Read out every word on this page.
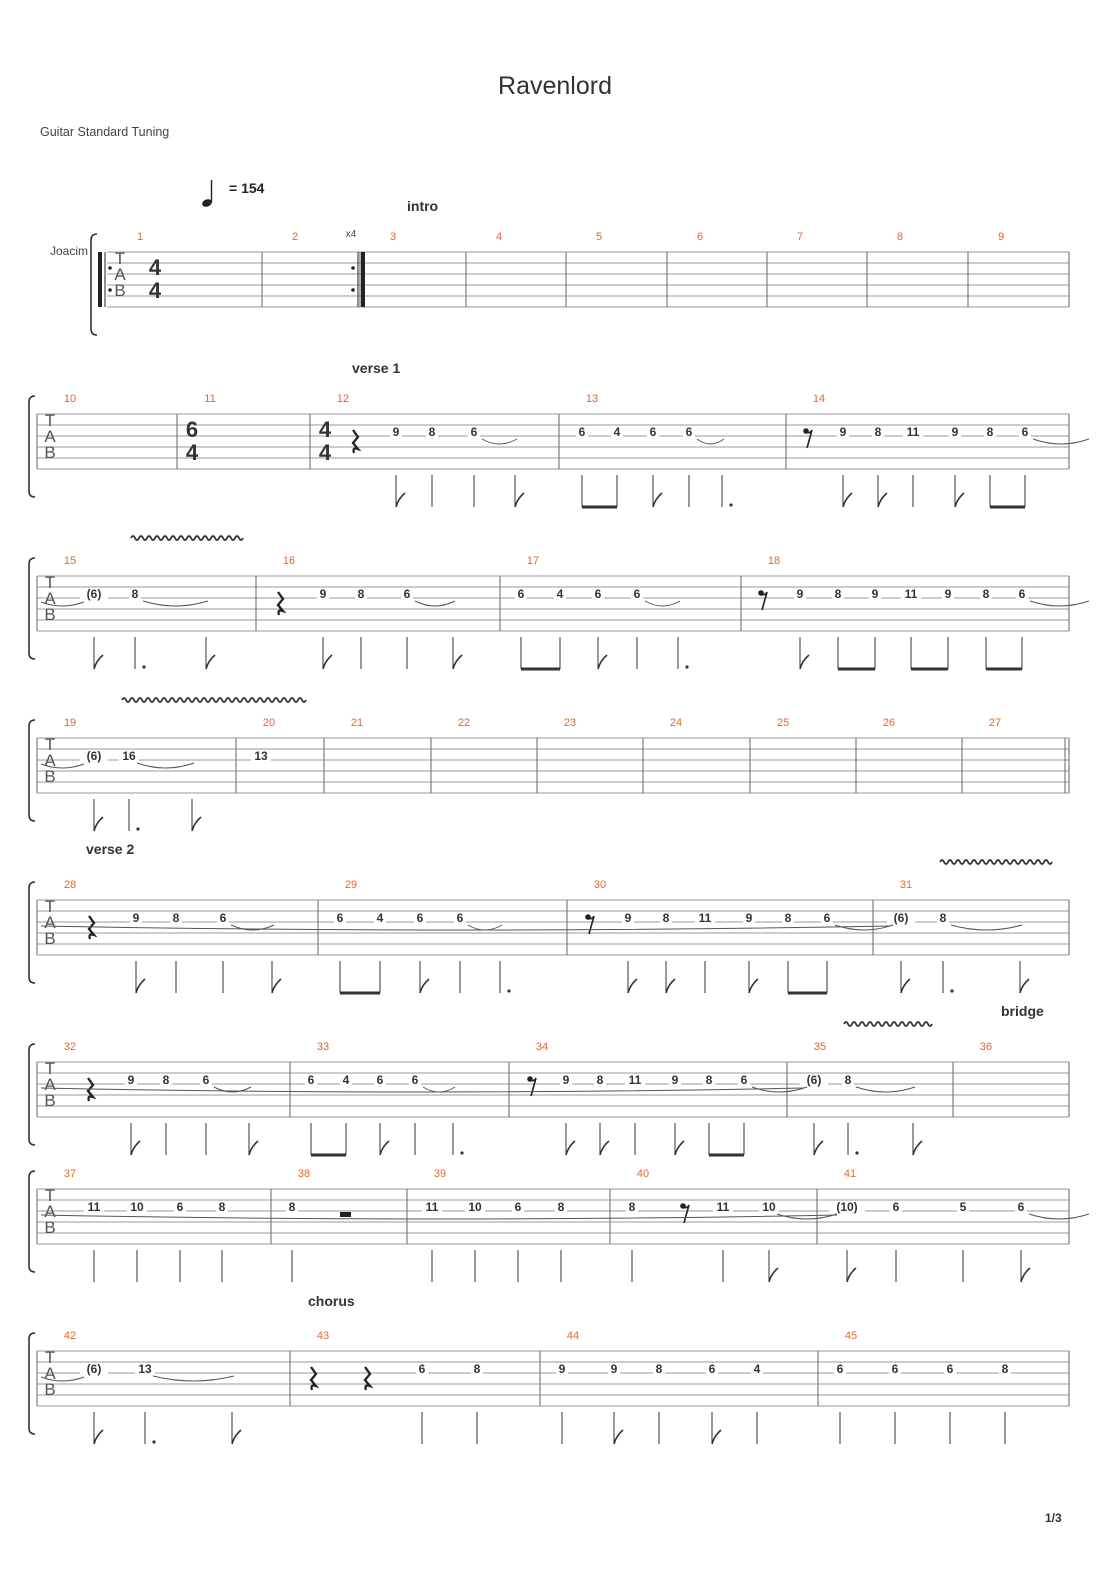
Ravenlord
Guitar Standard Tuning
= 154
1/3
T
A
B
1
4
4
2	3	4	5	6	7	8	9
intro
Joacim
x4
T
A
B
10	11
6
4
12
4
4
9 8	6
13
6 4 6 6
14
9 8 11	9 8 6
verse 1
T
A
B
15
(6)	8
16
9	8	6
17
6	4	6	6
18
9	8	9 11 9	8 6
T
A
B
19
(6) 16
20
13
21	22	23	24	25	26	27
T
A
B
28
9	8	6
29
6	4	6	6
30
9	8 11	9	8	6
31
(6)	8
verse 2
T
A
B
32
9 8	6
33
6 4 6 6
34
9 8 11	9 8 6
35
(6) 8
36
bridge
T
A
B
37
11 10	6	8
38
8
39
11 10	6	8
40
8	11	10
41
(10)	6	5	6
T
A
B
42
(6)	13
43
6	8
44
9	9	8	6	4
45
6	6	6	8
chorus
